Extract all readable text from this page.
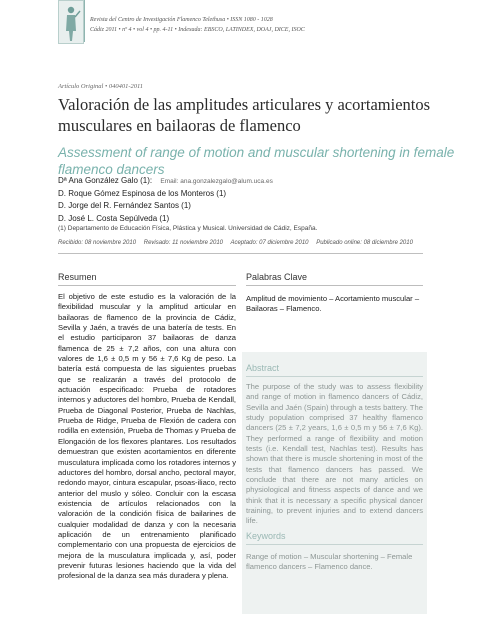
Revista del Centro de Investigación Flamenco Telethusa • ISSN 1080 - 1028
Cádiz 2011 • nº 4 • vol 4 • pp. 4-11 • Indexada: EBSCO, LATINDEX, DOAJ, DICE, ISOC
Artículo Original • 040401-2011
Valoración de las amplitudes articulares y acortamientos musculares en bailaoras de flamenco
Assessment of range of motion and muscular shortening in female flamenco dancers
Dª Ana González Galo (1): Email: ana.gonzalezgalo@alum.uca.es
D. Roque Gómez Espinosa de los Monteros (1)
D. Jorge del R. Fernández Santos (1)
D. José L. Costa Sepúlveda (1)
(1) Departamento de Educación Física, Plástica y Musical. Universidad de Cádiz, España.
Recibido: 08 noviembre 2010 Revisado: 11 noviembre 2010 Aceptado: 07 diciembre 2010 Publicado online: 08 diciembre 2010
Resumen
El objetivo de este estudio es la valoración de la flexibilidad muscular y la amplitud articular en bailaoras de flamenco de la provincia de Cádiz, Sevilla y Jaén, a través de una batería de tests. En el estudio participaron 37 bailaoras de danza flamenca de 25 ± 7,2 años, con una altura con valores de 1,6 ± 0,5 m y 56 ± 7,6 Kg de peso. La batería está compuesta de las siguientes pruebas que se realizarán a través del protocolo de actuación especificado: Prueba de rotadores internos y aductores del hombro, Prueba de Kendall, Prueba de Diagonal Posterior, Prueba de Nachlas, Prueba de Ridge, Prueba de Flexión de cadera con rodilla en extensión, Prueba de Thomas y Prueba de Elongación de los flexores plantares. Los resultados demuestran que existen acortamientos en diferente musculatura implicada como los rotadores internos y aductores del hombro, dorsal ancho, pectoral mayor, redondo mayor, cintura escapular, psoas-iliaco, recto anterior del muslo y sóleo. Concluir con la escasa existencia de artículos relacionados con la valoración de la condición física de bailarines de cualquier modalidad de danza y con la necesaria aplicación de un entrenamiento planificado complementario con una propuesta de ejercicios de mejora de la musculatura implicada y, así, poder prevenir futuras lesiones haciendo que la vida del profesional de la danza sea más duradera y plena.
Palabras Clave
Amplitud de movimiento – Acortamiento muscular – Bailaoras – Flamenco.
Abstract
The purpose of the study was to assess flexibility and range of motion in flamenco dancers of Cádiz, Sevilla and Jaén (Spain) through a tests battery. The study population comprised 37 healthy flamenco dancers (25 ± 7,2 years, 1,6 ± 0,5 m y 56 ± 7,6 Kg). They performed a range of flexibility and motion tests (i.e. Kendall test, Nachlas test). Results has shown that there is muscle shortening in most of the tests that flamenco dancers has passed. We conclude that there are not many articles on physiological and fitness aspects of dance and we think that it is necessary a specific physical dancer training, to prevent injuries and to extend dancers life.
Keywords
Range of motion – Muscular shortening – Female flamenco dancers – Flamenco dance.
